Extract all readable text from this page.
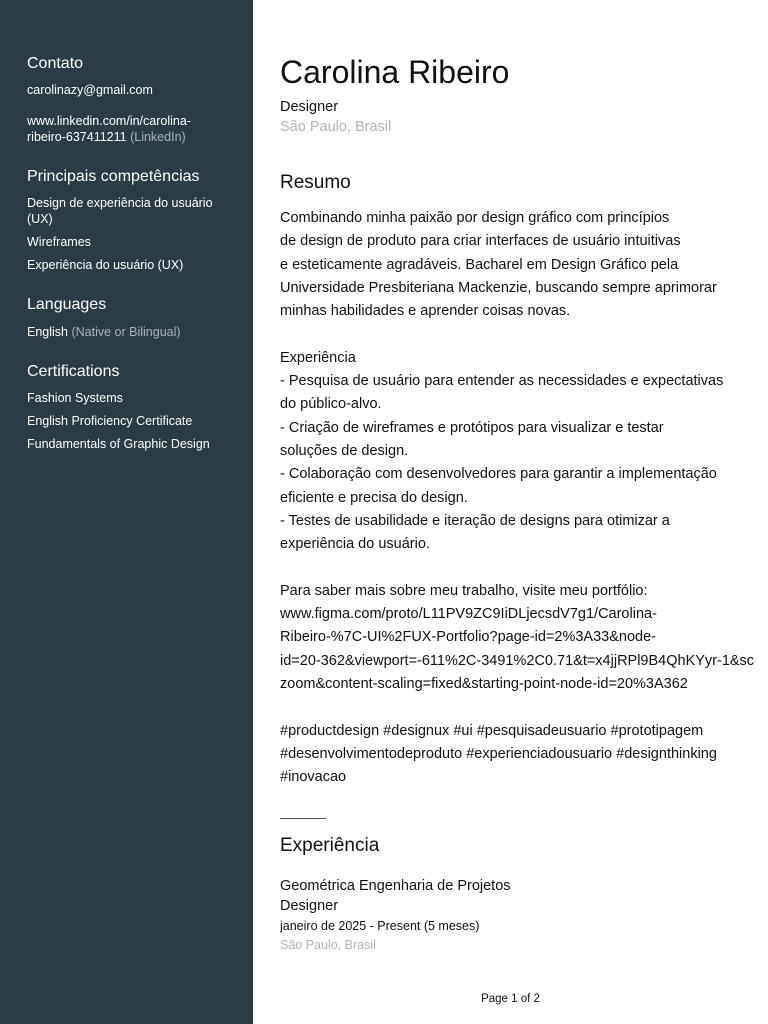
Contato
carolinazy@gmail.com
www.linkedin.com/in/carolina-
ribeiro-637411211 (LinkedIn)
Principais competências
Design de experiência do usuário (UX)
Wireframes
Experiência do usuário (UX)
Languages
English (Native or Bilingual)
Certifications
Fashion Systems
English Proficiency Certificate
Fundamentals of Graphic Design
Carolina Ribeiro
Designer
São Paulo, Brasil
Resumo
Combinando minha paixão por design gráfico com princípios
de design de produto para criar interfaces de usuário intuitivas
e esteticamente agradáveis. Bacharel em Design Gráfico pela
Universidade Presbiteriana Mackenzie, buscando sempre aprimorar
minhas habilidades e aprender coisas novas.
Experiência
- Pesquisa de usuário para entender as necessidades e expectativas
do público-alvo.
- Criação de wireframes e protótipos para visualizar e testar
soluções de design.
- Colaboração com desenvolvedores para garantir a implementação
eficiente e precisa do design.
- Testes de usabilidade e iteração de designs para otimizar a
experiência do usuário.
Para saber mais sobre meu trabalho, visite meu portfólio:
www.figma.com/proto/L11PV9ZC9IiDLjecsdV7g1/Carolina-
Ribeiro-%7C-UI%2FUX-Portfolio?page-id=2%3A33&node-
id=20-362&viewport=-611%2C-3491%2C0.71&t=x4jjRPl9B4QhKYyr-1&sc
zoom&content-scaling=fixed&starting-point-node-id=20%3A362
#productdesign #designux #ui #pesquisadeusuario #prototipagem
#desenvolvimentodeproduto #experienciadousuario #designthinking
#inovacao
Experiência
Geométrica Engenharia de Projetos
Designer
janeiro de 2025 - Present (5 meses)
São Paulo, Brasil
Page 1 of 2
